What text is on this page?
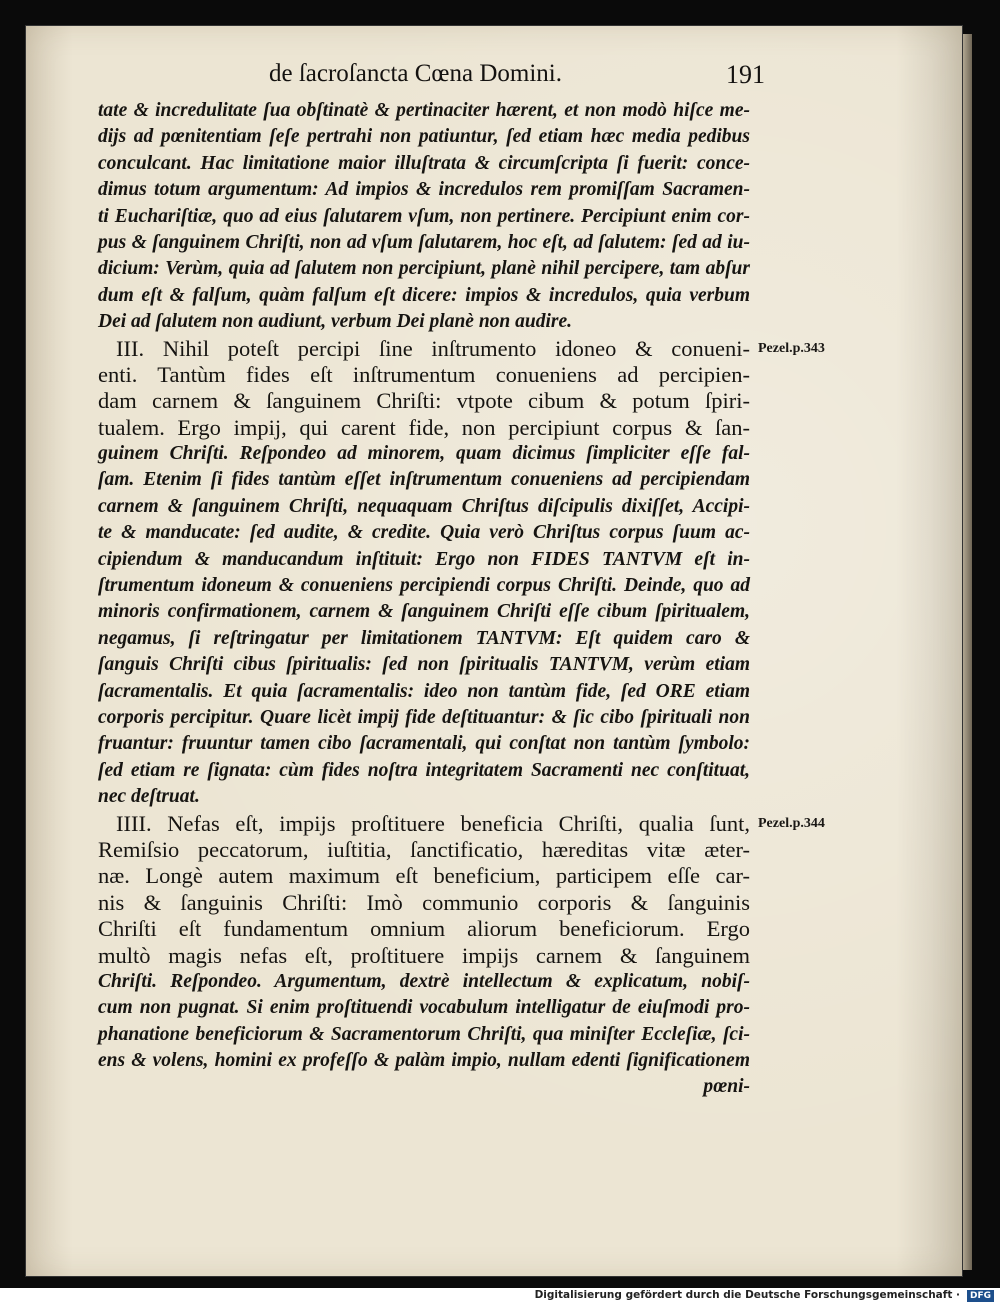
de ſacroſancta Cœna Domini.	191
tate & incredulitate ſua obſtinatè & pertinaciter hærent, et non modò hiſce me-
dijs ad pœnitentiam ſeſe pertrahi non patiuntur, ſed etiam hæc media pedibus
conculcant. Hac limitatione maior illuſtrata & circumſcripta ſi fuerit: conce-
dimus totum argumentum: Ad impios & incredulos rem promiſſam Sacramen-
ti Euchariſtiæ, quo ad eius ſalutarem vſum, non pertinere. Percipiunt enim cor-
pus & ſanguinem Chriſti, non ad vſum ſalutarem, hoc eſt, ad ſalutem: ſed ad iu-
dicium: Verùm, quia ad ſalutem non percipiunt, planè nihil percipere, tam abſur
dum eſt & falſum, quàm falſum eſt dicere: impios & incredulos, quia verbum
Dei ad ſalutem non audiunt, verbum Dei planè non audire.
III. Nihil poteſt percipi ſine inſtrumento idoneo & conueni-
enti. Tantùm fides eſt inſtrumentum conueniens ad percipien-
dam carnem & ſanguinem Chriſti: vtpote cibum & potum ſpiri-
tualem. Ergo impij, qui carent fide, non percipiunt corpus & ſan-
guinem Chriſti. Reſpondeo ad minorem, quam dicimus ſimpliciter eſſe fal-
ſam. Etenim ſi fides tantùm eſſet inſtrumentum conueniens ad percipiendam
carnem & ſanguinem Chriſti, nequaquam Chriſtus diſcipulis dixiſſet, Accipi-
te & manducate: ſed audite, & credite. Quia verò Chriſtus corpus ſuum ac-
cipiendum & manducandum inſtituit: Ergo non FIDES TANTVM eſt in-
ſtrumentum idoneum & conueniens percipiendi corpus Chriſti. Deinde, quo ad
minoris confirmationem, carnem & ſanguinem Chriſti eſſe cibum ſpiritualem,
negamus, ſi reſtringatur per limitationem TANTVM: Eſt quidem caro &
ſanguis Chriſti cibus ſpiritualis: ſed non ſpiritualis TANTVM, verùm etiam
ſacramentalis. Et quia ſacramentalis: ideo non tantùm fide, ſed ORE etiam
corporis percipitur. Quare licèt impij fide deſtituantur: & ſic cibo ſpirituali non
fruantur: fruuntur tamen cibo ſacramentali, qui conſtat non tantùm ſymbolo:
ſed etiam re ſignata: cùm fides noſtra integritatem Sacramenti nec conſtituat,
nec deſtruat.
IIII. Nefas eſt, impijs proſtituere beneficia Chriſti, qualia ſunt,
Remiſsio peccatorum, iuſtitia, ſanctificatio, hæreditas vitæ æter-
næ. Longè autem maximum eſt beneficium, participem eſſe car-
nis & ſanguinis Chriſti: Imò communio corporis & ſanguinis
Chriſti eſt fundamentum omnium aliorum beneficiorum. Ergo
multò magis nefas eſt, proſtituere impijs carnem & ſanguinem
Chriſti. Reſpondeo. Argumentum, dextrè intellectum & explicatum, nobiſ-
cum non pugnat. Si enim proſtituendi vocabulum intelligatur de eiuſmodi pro-
phanatione beneficiorum & Sacramentorum Chriſti, qua miniſter Eccleſiæ, ſci-
ens & volens, homini ex profeſſo & palàm impio, nullam edenti ſignificationem
pœni-
Pezel.p.343
Pezel.p.344
Digitalisierung gefördert durch die Deutsche Forschungsgemeinschaft ·	DFG
